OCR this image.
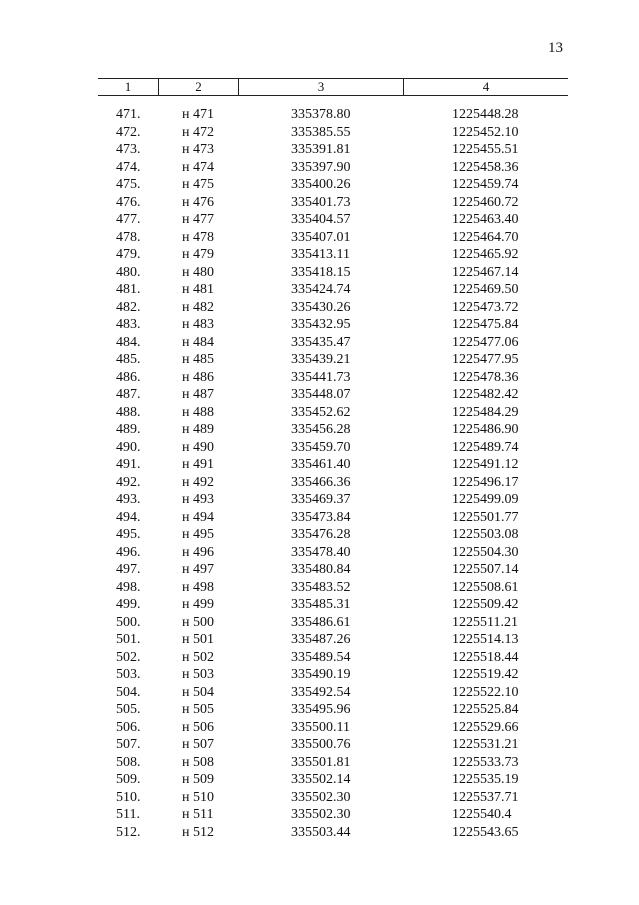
13
1	2	3	4
471.	н 471	335378.80	1225448.28
472.	н 472	335385.55	1225452.10
473.	н 473	335391.81	1225455.51
474.	н 474	335397.90	1225458.36
475.	н 475	335400.26	1225459.74
476.	н 476	335401.73	1225460.72
477.	н 477	335404.57	1225463.40
478.	н 478	335407.01	1225464.70
479.	н 479	335413.11	1225465.92
480.	н 480	335418.15	1225467.14
481.	н 481	335424.74	1225469.50
482.	н 482	335430.26	1225473.72
483.	н 483	335432.95	1225475.84
484.	н 484	335435.47	1225477.06
485.	н 485	335439.21	1225477.95
486.	н 486	335441.73	1225478.36
487.	н 487	335448.07	1225482.42
488.	н 488	335452.62	1225484.29
489.	н 489	335456.28	1225486.90
490.	н 490	335459.70	1225489.74
491.	н 491	335461.40	1225491.12
492.	н 492	335466.36	1225496.17
493.	н 493	335469.37	1225499.09
494.	н 494	335473.84	1225501.77
495.	н 495	335476.28	1225503.08
496.	н 496	335478.40	1225504.30
497.	н 497	335480.84	1225507.14
498.	н 498	335483.52	1225508.61
499.	н 499	335485.31	1225509.42
500.	н 500	335486.61	1225511.21
501.	н 501	335487.26	1225514.13
502.	н 502	335489.54	1225518.44
503.	н 503	335490.19	1225519.42
504.	н 504	335492.54	1225522.10
505.	н 505	335495.96	1225525.84
506.	н 506	335500.11	1225529.66
507.	н 507	335500.76	1225531.21
508.	н 508	335501.81	1225533.73
509.	н 509	335502.14	1225535.19
510.	н 510	335502.30	1225537.71
511.	н 511	335502.30	1225540.4
512.	н 512	335503.44	1225543.65
